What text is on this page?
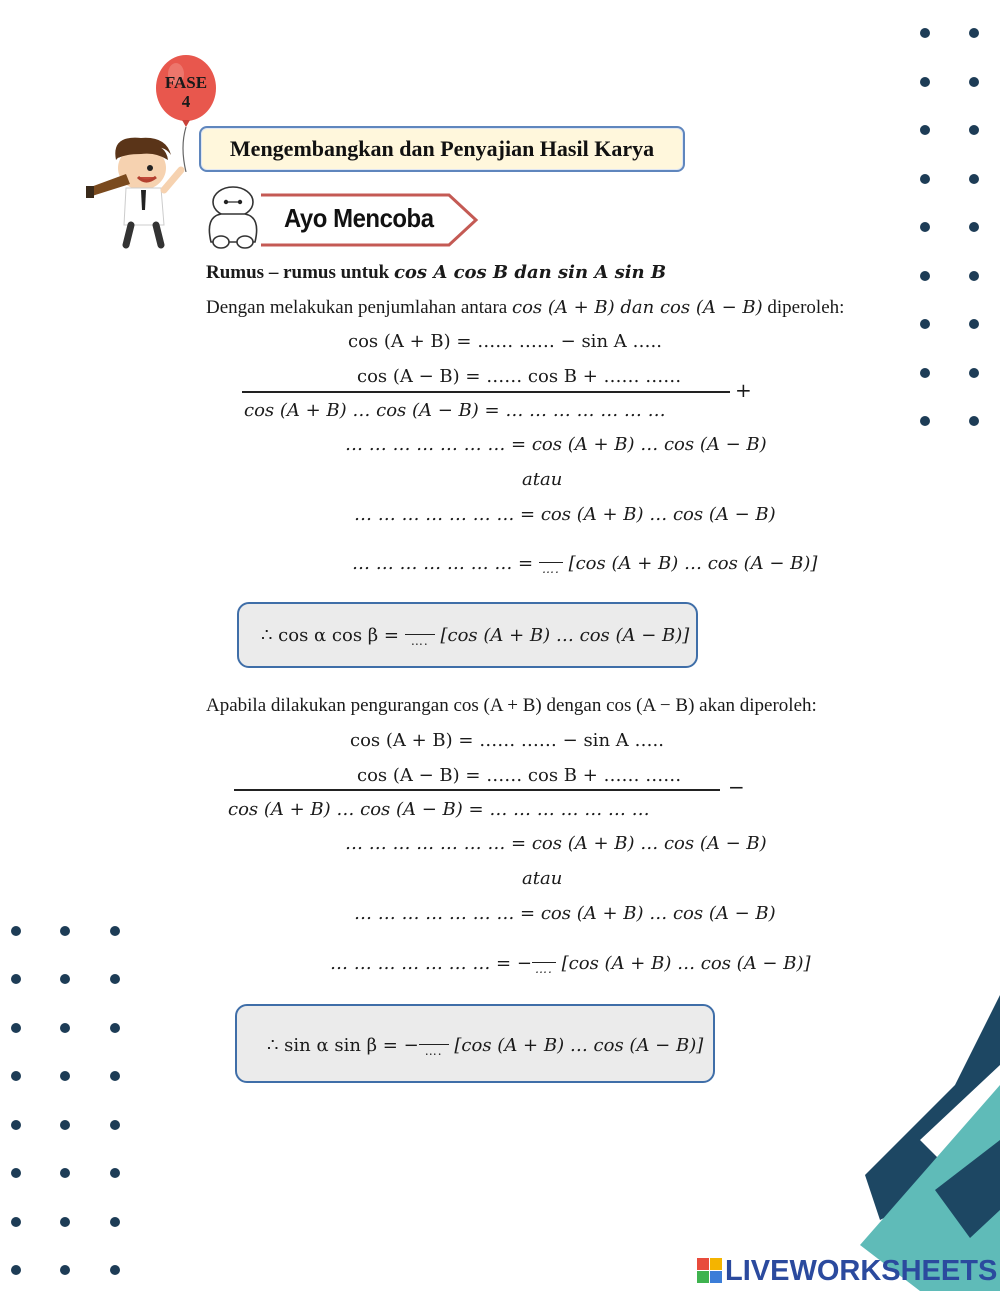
FASE
4
Mengembangkan dan Penyajian Hasil Karya
Ayo Mencoba
Rumus – rumus untuk cos A cos B dan sin A sin B
Dengan melakukan penjumlahan antara cos (A + B) dan cos (A − B) diperoleh:
cos (A + B) = …… …… − sin A …..
cos (A − B) = …… cos B + …… ……
+
cos (A + B) … cos (A − B) = … … … … … … …
… … … … … … … = cos (A + B) … cos (A − B)
atau
… … … … … … … = cos (A + B) … cos (A − B)
… … … … … … … = …. [cos (A + B) … cos (A − B)]
∴ cos α cos β = …. [cos (A + B) … cos (A − B)]
Apabila dilakukan pengurangan cos (A + B) dengan cos (A − B) akan diperoleh:
cos (A + B) = …… …… − sin A …..
cos (A − B) = …… cos B + …… …… −
cos (A + B) … cos (A − B) = … … … … … … …
… … … … … … … = cos (A + B) … cos (A − B)
atau
… … … … … … … = cos (A + B) … cos (A − B)
… … … … … … … = − …. [cos (A + B) … cos (A − B)]
∴ sin α sin β = − …. [cos (A + B) … cos (A − B)]
LIVEWORKSHEETS
